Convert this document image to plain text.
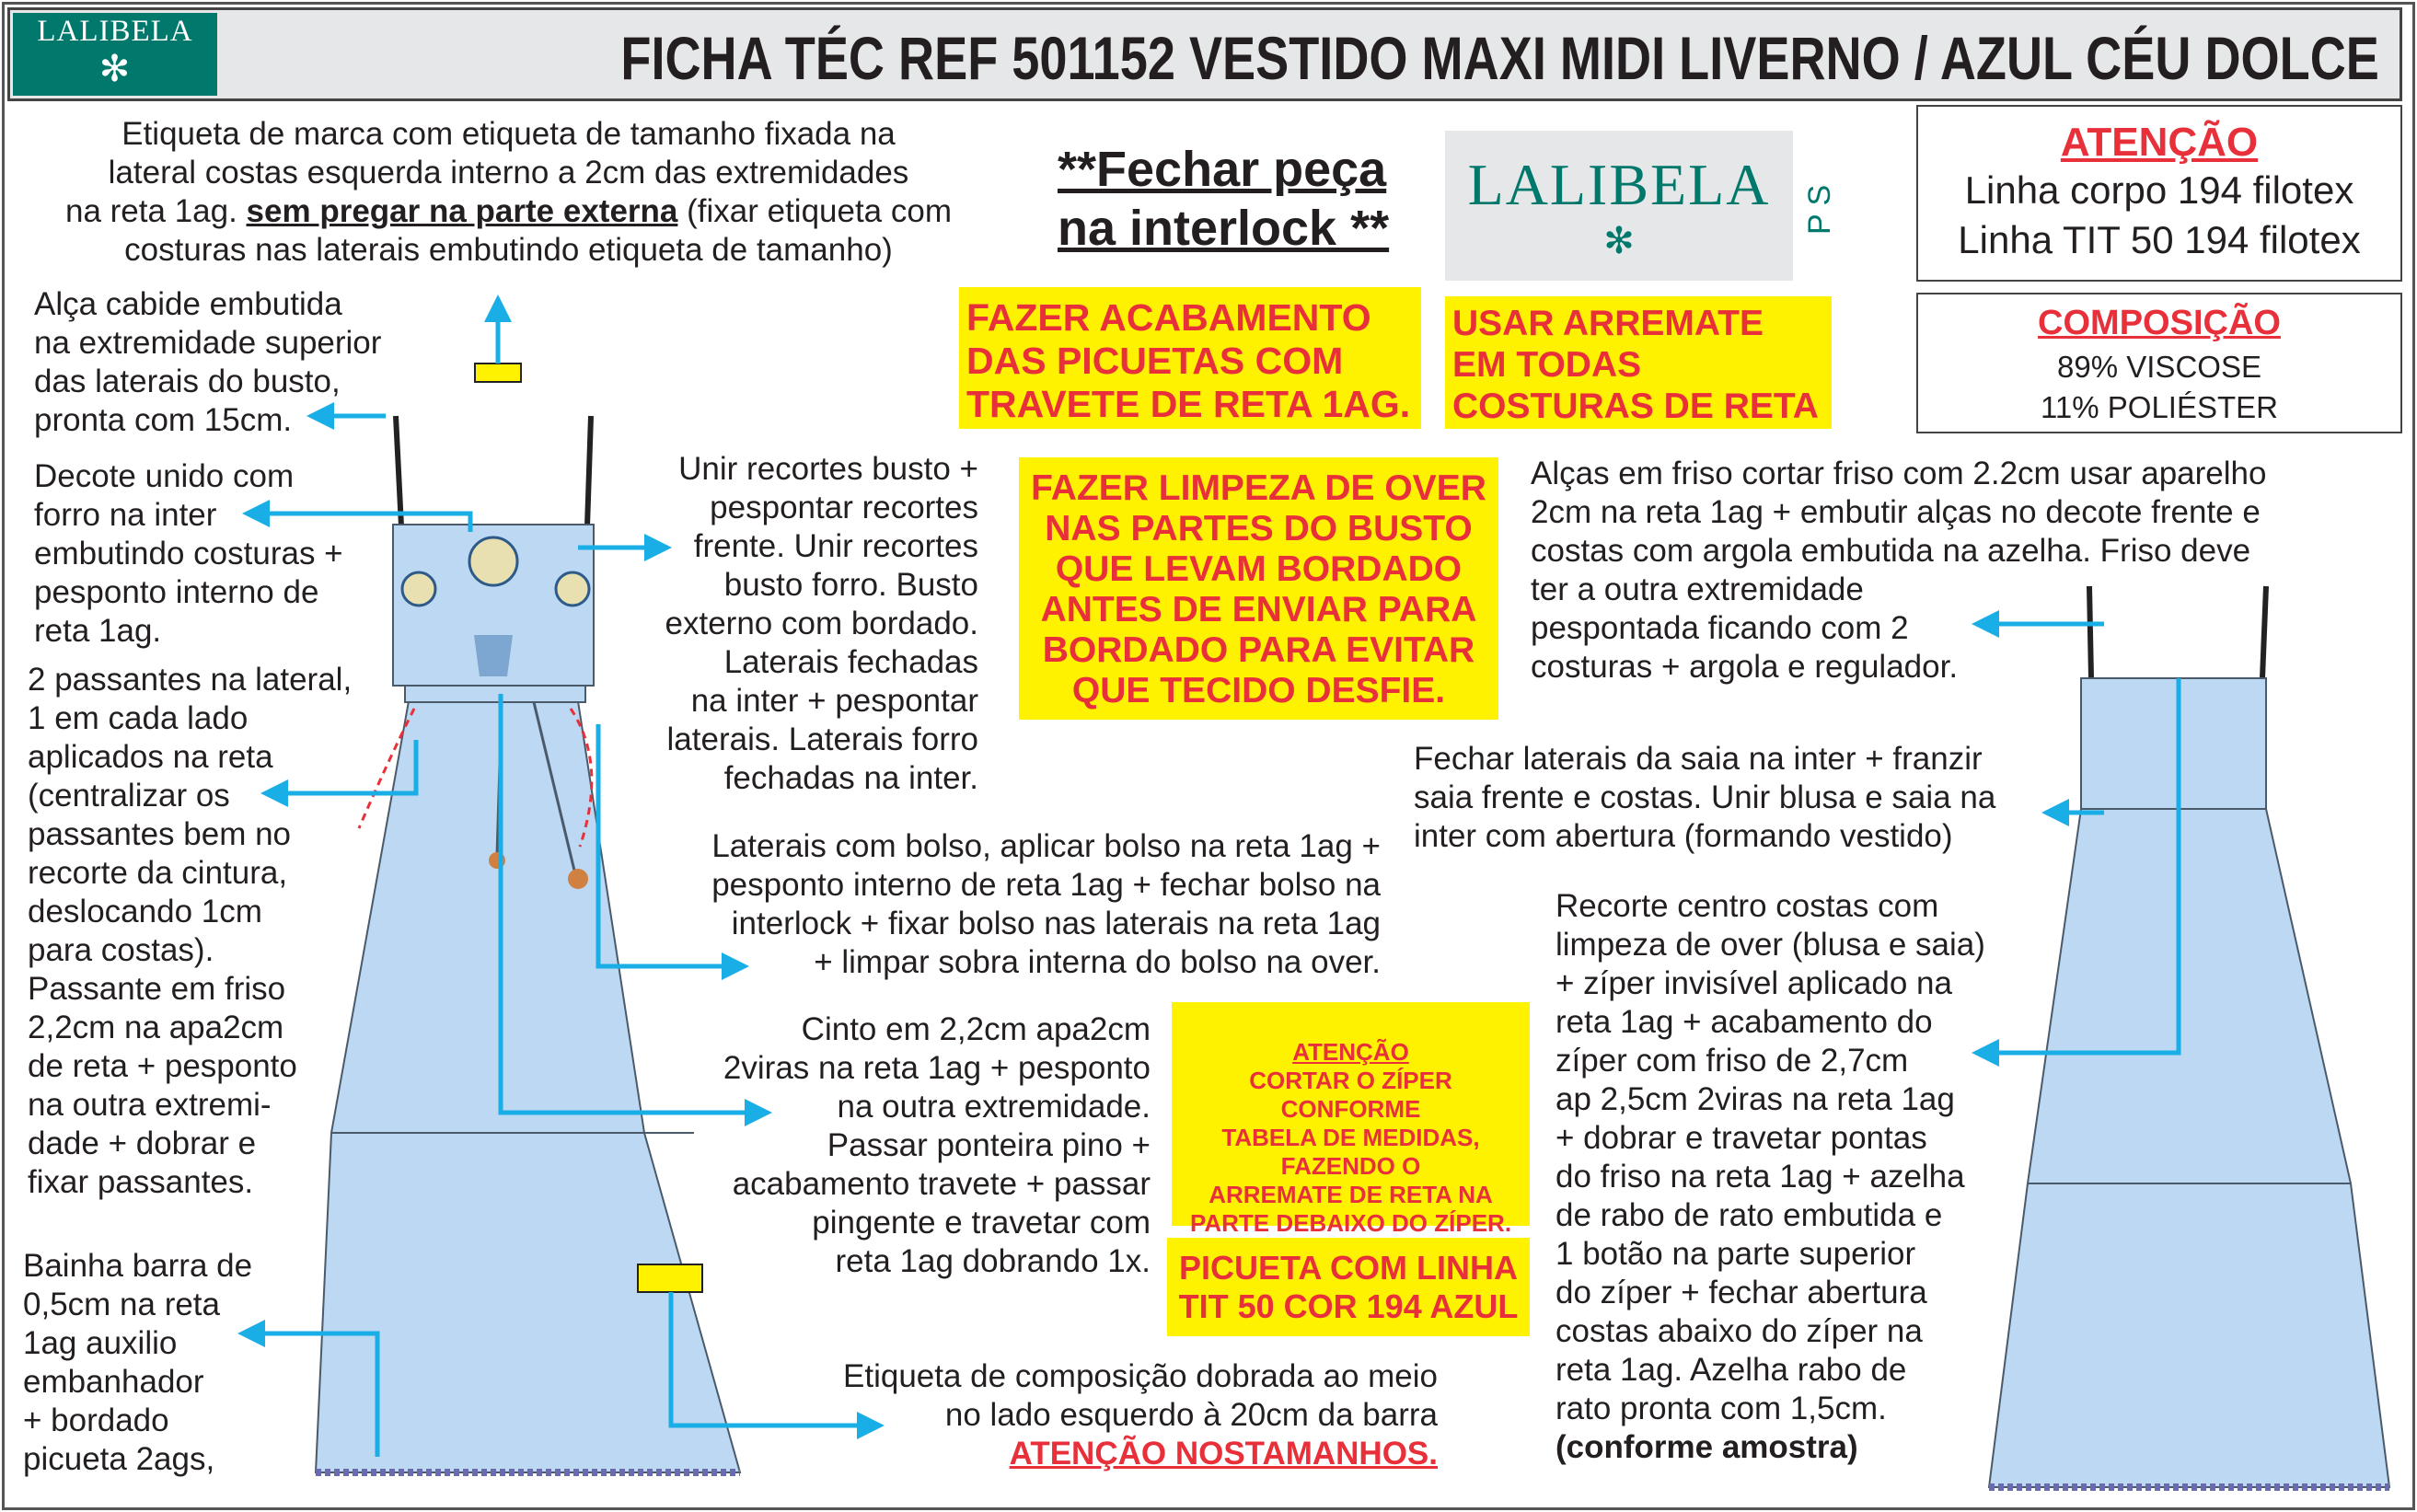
LALIBELA
✻	FICHA TÉC REF 501152 VESTIDO MAXI MIDI LIVERNO / AZUL CÉU DOLCE
Etiqueta de marca com etiqueta de tamanho fixada na
lateral costas esquerda interno a 2cm das extremidades
na reta 1ag. sem pregar na parte externa (fixar etiqueta com
costuras nas laterais embutindo etiqueta de tamanho)
Alça cabide embutida
na extremidade superior
das laterais do busto,
pronta com 15cm.
Decote unido com
forro na inter
embutindo costuras +
pesponto interno de
reta 1ag.
2 passantes na lateral,
1 em cada lado
aplicados na reta
(centralizar os
passantes bem no
recorte da cintura,
deslocando 1cm
para costas).
Passante em friso
2,2cm na apa2cm
de reta + pesponto
na outra extremi-
dade + dobrar e
fixar passantes.
Bainha barra de
0,5cm na reta
1ag auxilio
embanhador
+ bordado
picueta 2ags,
Unir recortes busto +
pespontar recortes
frente. Unir recortes
busto forro. Busto
externo com bordado.
Laterais fechadas
na inter + pespontar
laterais. Laterais forro
fechadas na inter.
Laterais com bolso, aplicar bolso na reta 1ag +
pesponto interno de reta 1ag + fechar bolso na
interlock + fixar bolso nas laterais na reta 1ag
+ limpar sobra interna do bolso na over.
Cinto em 2,2cm apa2cm
2viras na reta 1ag + pesponto
na outra extremidade.
Passar ponteira pino +
acabamento travete + passar
pingente e travetar com
reta 1ag dobrando 1x.
Etiqueta de composição dobrada ao meio
no lado esquerdo à 20cm da barra
ATENÇÃO NOSTAMANHOS.
Alças em friso cortar friso com 2.2cm usar aparelho
2cm na reta 1ag + embutir alças no decote frente e
costas com argola embutida na azelha. Friso deve
ter a outra extremidade
pespontada ficando com 2
costuras + argola e regulador.
Fechar laterais da saia na inter + franzir
saia frente e costas. Unir blusa e saia na
inter com abertura (formando vestido)
Recorte centro costas com
limpeza de over (blusa e saia)
+ zíper invisível aplicado na
reta 1ag + acabamento do
zíper com friso de 2,7cm
ap 2,5cm 2viras na reta 1ag
+ dobrar e travetar pontas
do friso na reta 1ag + azelha
de rabo de rato embutida e
1 botão na parte superior
do zíper + fechar abertura
costas abaixo do zíper na
reta 1ag. Azelha rabo de
rato pronta com 1,5cm.
(conforme amostra)
**Fechar peça
na interlock **
LALIBELA
✻
P S
ATENÇÃO
Linha corpo 194 filotex
Linha TIT 50 194 filotex
COMPOSIÇÃO
89% VISCOSE
11% POLIÉSTER
FAZER ACABAMENTO
DAS PICUETAS COM
TRAVETE DE RETA 1AG.
USAR ARREMATE
EM TODAS
COSTURAS DE RETA
FAZER LIMPEZA DE OVER
NAS PARTES DO BUSTO
QUE LEVAM BORDADO
ANTES DE ENVIAR PARA
BORDADO PARA EVITAR
QUE TECIDO DESFIE.

ATENÇÃO
CORTAR O ZÍPER
CONFORME
TABELA DE MEDIDAS,
FAZENDO O
ARREMATE DE RETA NA
PARTE DEBAIXO DO ZÍPER.

PICUETA COM LINHA
TIT 50 COR 194 AZUL
